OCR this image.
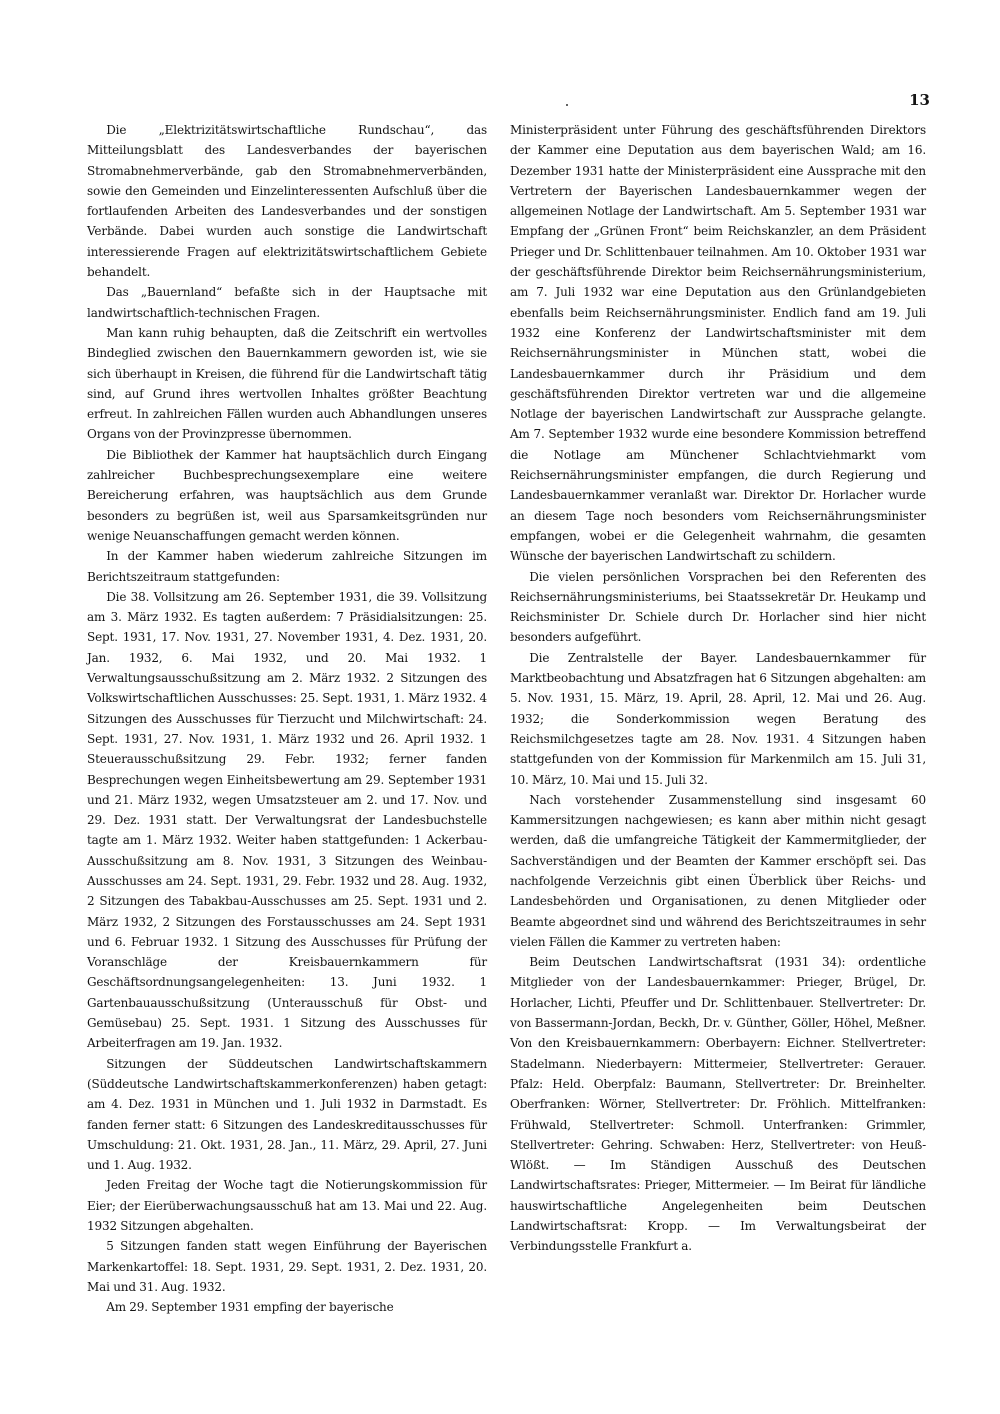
13

Die „Elektrizitätswirtschaftliche Rundschau“, das Mitteilungsblatt des Landesverbandes der bayerischen Stromabnehmerverbände, gab den Stromabnehmerverbänden, sowie den Gemeinden und Einzelinteressenten Aufschluß über die fortlaufenden Arbeiten des Landesverbandes und der sonstigen Verbände. Dabei wurden auch sonstige die Landwirtschaft interessierende Fragen auf elektrizitätswirtschaftlichem Gebiete behandelt.

Das „Bauernland“ befaßte sich in der Hauptsache mit landwirtschaftlich-technischen Fragen.

Man kann ruhig behaupten, daß die Zeitschrift ein wertvolles Bindeglied zwischen den Bauernkammern geworden ist, wie sie sich überhaupt in Kreisen, die führend für die Landwirtschaft tätig sind, auf Grund ihres wertvollen Inhaltes größter Beachtung erfreut. In zahlreichen Fällen wurden auch Abhandlungen unseres Organs von der Provinzpresse übernommen.

Die Bibliothek der Kammer hat hauptsächlich durch Eingang zahlreicher Buchbesprechungsexemplare eine weitere Bereicherung erfahren, was hauptsächlich aus dem Grunde besonders zu begrüßen ist, weil aus Sparsamkeitsgründen nur wenige Neuanschaffungen gemacht werden können.

In der Kammer haben wiederum zahlreiche Sitzungen im Berichtszeitraum stattgefunden:

Die 38. Vollsitzung am 26. September 1931, die 39. Vollsitzung am 3. März 1932. Es tagten außerdem: 7 Präsidialsitzungen: 25. Sept. 1931, 17. Nov. 1931, 27. November 1931, 4. Dez. 1931, 20. Jan. 1932, 6. Mai 1932, und 20. Mai 1932. 1 Verwaltungsausschußsitzung am 2. März 1932. 2 Sitzungen des Volkswirtschaftlichen Ausschusses: 25. Sept. 1931, 1. März 1932. 4 Sitzungen des Ausschusses für Tierzucht und Milchwirtschaft: 24. Sept. 1931, 27. Nov. 1931, 1. März 1932 und 26. April 1932. 1 Steuerausschußsitzung 29. Febr. 1932; ferner fanden Besprechungen wegen Einheitsbewertung am 29. September 1931 und 21. März 1932, wegen Umsatzsteuer am 2. und 17. Nov. und 29. Dez. 1931 statt. Der Verwaltungsrat der Landesbuchstelle tagte am 1. März 1932. Weiter haben stattgefunden: 1 Ackerbau-Ausschußsitzung am 8. Nov. 1931, 3 Sitzungen des Weinbau-Ausschusses am 24. Sept. 1931, 29. Febr. 1932 und 28. Aug. 1932, 2 Sitzungen des Tabakbau-Ausschusses am 25. Sept. 1931 und 2. März 1932, 2 Sitzungen des Forstausschusses am 24. Sept 1931 und 6. Februar 1932. 1 Sitzung des Ausschusses für Prüfung der Voranschläge der Kreisbauernkammern für Geschäftsordnungsangelegenheiten: 13. Juni 1932. 1 Gartenbauausschußsitzung (Unterausschuß für Obst- und Gemüsebau) 25. Sept. 1931. 1 Sitzung des Ausschusses für Arbeiterfragen am 19. Jan. 1932.

Sitzungen der Süddeutschen Landwirtschaftskammern (Süddeutsche Landwirtschaftskammerkonferenzen) haben getagt: am 4. Dez. 1931 in München und 1. Juli 1932 in Darmstadt. Es fanden ferner statt: 6 Sitzungen des Landeskreditausschusses für Umschuldung: 21. Okt. 1931, 28. Jan., 11. März, 29. April, 27. Juni und 1. Aug. 1932.

Jeden Freitag der Woche tagt die Notierungskommission für Eier; der Eierüberwachungsausschuß hat am 13. Mai und 22. Aug. 1932 Sitzungen abgehalten.

5 Sitzungen fanden statt wegen Einführung der Bayerischen Markenkartoffel: 18. Sept. 1931, 29. Sept. 1931, 2. Dez. 1931, 20. Mai und 31. Aug. 1932.

Am 29. September 1931 empfing der bayerische

Ministerpräsident unter Führung des geschäftsführenden Direktors der Kammer eine Deputation aus dem bayerischen Wald; am 16. Dezember 1931 hatte der Ministerpräsident eine Aussprache mit den Vertretern der Bayerischen Landesbauernkammer wegen der allgemeinen Notlage der Landwirtschaft. Am 5. September 1931 war Empfang der „Grünen Front“ beim Reichskanzler, an dem Präsident Prieger und Dr. Schlittenbauer teilnahmen. Am 10. Oktober 1931 war der geschäftsführende Direktor beim Reichsernährungsministerium, am 7. Juli 1932 war eine Deputation aus den Grünlandgebieten ebenfalls beim Reichsernährungsminister. Endlich fand am 19. Juli 1932 eine Konferenz der Landwirtschaftsminister mit dem Reichsernährungsminister in München statt, wobei die Landesbauernkammer durch ihr Präsidium und dem geschäftsführenden Direktor vertreten war und die allgemeine Notlage der bayerischen Landwirtschaft zur Aussprache gelangte. Am 7. September 1932 wurde eine besondere Kommission betreffend die Notlage am Münchener Schlachtviehmarkt vom Reichsernährungsminister empfangen, die durch Regierung und Landesbauernkammer veranlaßt war. Direktor Dr. Horlacher wurde an diesem Tage noch besonders vom Reichsernährungsminister empfangen, wobei er die Gelegenheit wahrnahm, die gesamten Wünsche der bayerischen Landwirtschaft zu schildern.

Die vielen persönlichen Vorsprachen bei den Referenten des Reichsernährungsministeriums, bei Staatssekretär Dr. Heukamp und Reichsminister Dr. Schiele durch Dr. Horlacher sind hier nicht besonders aufgeführt.

Die Zentralstelle der Bayer. Landesbauernkammer für Marktbeobachtung und Absatzfragen hat 6 Sitzungen abgehalten: am 5. Nov. 1931, 15. März, 19. April, 28. April, 12. Mai und 26. Aug. 1932; die Sonderkommission wegen Beratung des Reichsmilchgesetzes tagte am 28. Nov. 1931. 4 Sitzungen haben stattgefunden von der Kommission für Markenmilch am 15. Juli 31, 10. März, 10. Mai und 15. Juli 32.

Nach vorstehender Zusammenstellung sind insgesamt 60 Kammersitzungen nachgewiesen; es kann aber mithin nicht gesagt werden, daß die umfangreiche Tätigkeit der Kammermitglieder, der Sachverständigen und der Beamten der Kammer erschöpft sei. Das nachfolgende Verzeichnis gibt einen Überblick über Reichs- und Landesbehörden und Organisationen, zu denen Mitglieder oder Beamte abgeordnet sind und während des Berichtszeitraumes in sehr vielen Fällen die Kammer zu vertreten haben:

Beim Deutschen Landwirtschaftsrat (1931 34): ordentliche Mitglieder von der Landesbauernkammer: Prieger, Brügel, Dr. Horlacher, Lichti, Pfeuffer und Dr. Schlittenbauer. Stellvertreter: Dr. von Bassermann-Jordan, Beckh, Dr. v. Günther, Göller, Höhel, Meßner. Von den Kreisbauernkammern: Oberbayern: Eichner. Stellvertreter: Stadelmann. Niederbayern: Mittermeier, Stellvertreter: Gerauer. Pfalz: Held. Oberpfalz: Baumann, Stellvertreter: Dr. Breinhelter. Oberfranken: Wörner, Stellvertreter: Dr. Fröhlich. Mittelfranken: Frühwald, Stellvertreter: Schmoll. Unterfranken: Grimmler, Stellvertreter: Gehring. Schwaben: Herz, Stellvertreter: von Heuß-Wlößt. — Im Ständigen Ausschuß des Deutschen Landwirtschaftsrates: Prieger, Mittermeier. — Im Beirat für ländliche hauswirtschaftliche Angelegenheiten beim Deutschen Landwirtschaftsrat: Kropp. — Im Verwaltungsbeirat der Verbindungsstelle Frankfurt a.
